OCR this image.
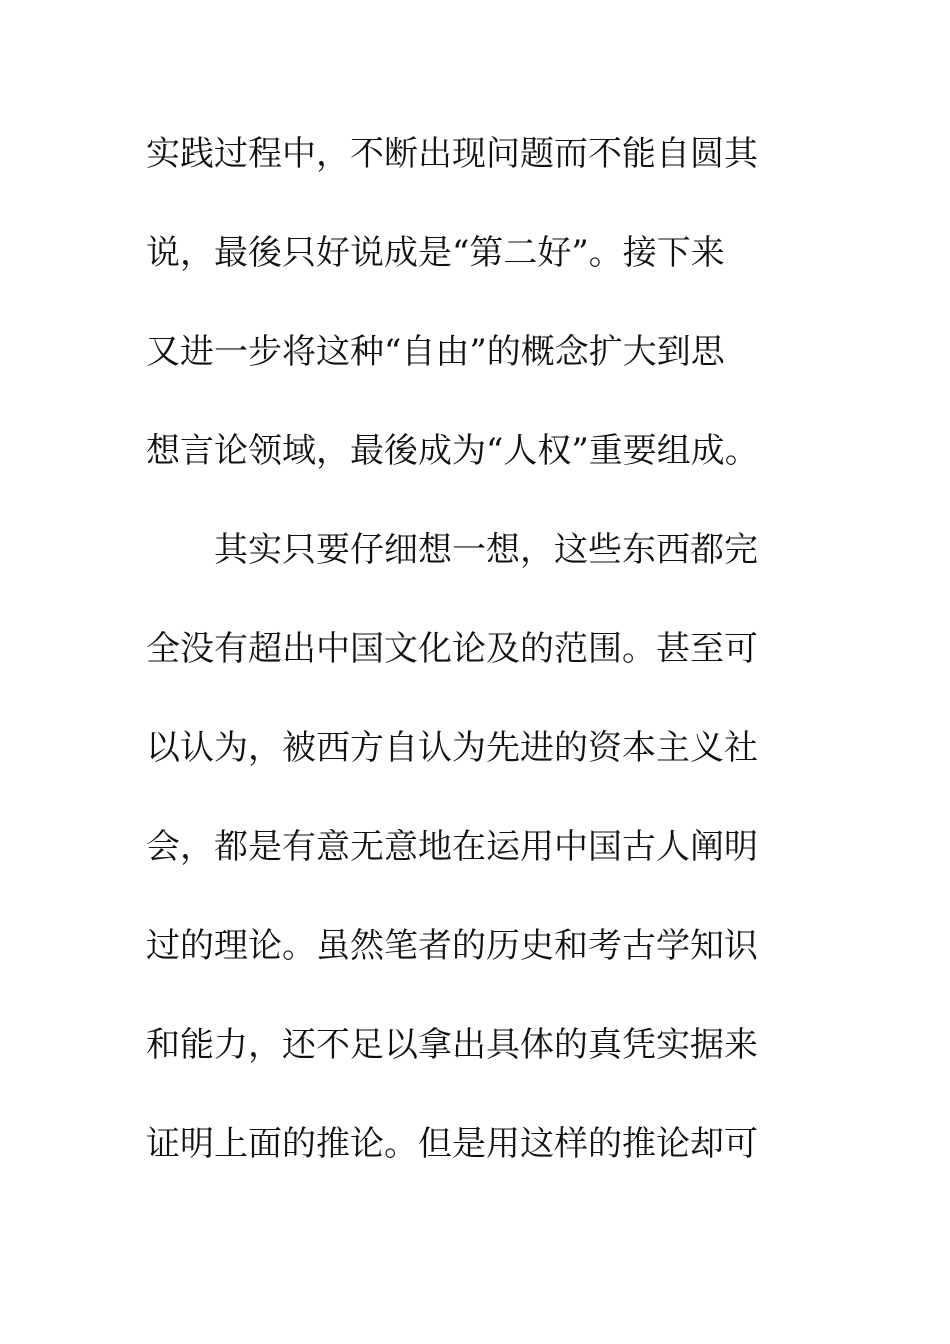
实践过程中，不断出现问题而不能自圆其
说，最後只好说成是“第二好”。接下来
又进一步将这种“自由”的概念扩大到思
想言论领域，最後成为“人权”重要组成。
　　其实只要仔细想一想，这些东西都完
全没有超出中国文化论及的范围。甚至可
以认为，被西方自认为先进的资本主义社
会，都是有意无意地在运用中国古人阐明
过的理论。虽然笔者的历史和考古学知识
和能力，还不足以拿出具体的真凭实据来
证明上面的推论。但是用这样的推论却可
